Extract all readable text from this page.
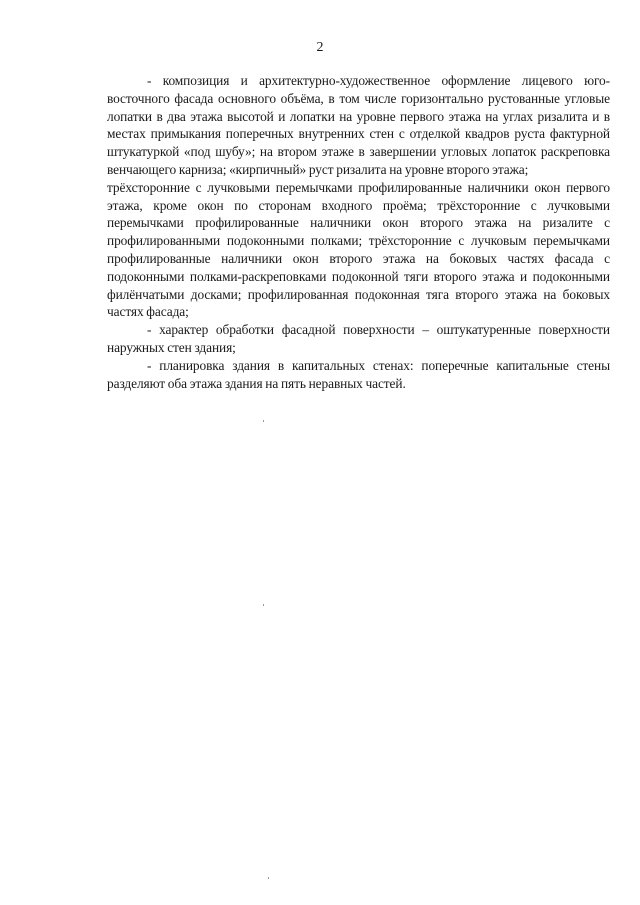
2

- композиция и архитектурно-художественное оформление лицевого юго-восточного фасада основного объёма, в том числе горизонтально рустованные угловые лопатки в два этажа высотой и лопатки на уровне первого этажа на углах ризалита и в местах примыкания поперечных внутренних стен с отделкой квадров руста фактурной штукатуркой «под шубу»; на втором этаже в завершении угловых лопаток раскреповка венчающего карниза; «кирпичный» руст ризалита на уровне второго этажа;

трёхсторонние с лучковыми перемычками профилированные наличники окон первого этажа, кроме окон по сторонам входного проёма; трёхсторонние с лучковыми перемычками профилированные наличники окон второго этажа на ризалите с профилированными подоконными полками; трёхсторонние с лучковым перемычками профилированные наличники окон второго этажа на боковых частях фасада с подоконными полками-раскреповками подоконной тяги второго этажа и подоконными филёнчатыми досками; профилированная подоконная тяга второго этажа на боковых частях фасада;

- характер обработки фасадной поверхности – оштукатуренные поверхности наружных стен здания;

- планировка здания в капитальных стенах: поперечные капитальные стены разделяют оба этажа здания на пять неравных частей.
